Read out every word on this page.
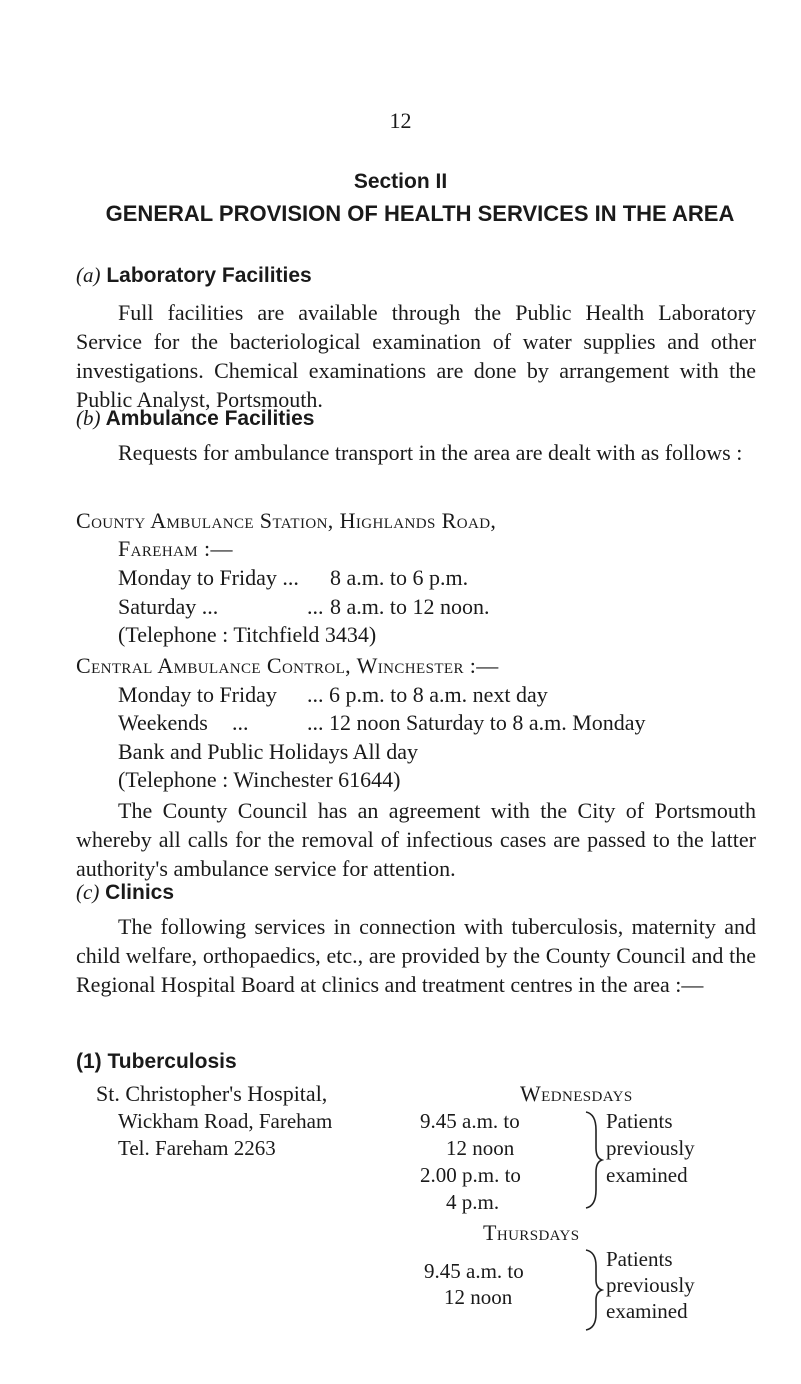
12
Section II
GENERAL PROVISION OF HEALTH SERVICES IN THE AREA
(a) Laboratory Facilities
Full facilities are available through the Public Health Laboratory Service for the bacteriological examination of water supplies and other investigations. Chemical examinations are done by arrangement with the Public Analyst, Portsmouth.
(b) Ambulance Facilities
Requests for ambulance transport in the area are dealt with as follows :
County Ambulance Station, Highlands Road,
Fareham :—
Monday to Friday ... 8 a.m. to 6 p.m.
Saturday ...	... 8 a.m. to 12 noon.
(Telephone : Titchfield 3434)
Central Ambulance Control, Winchester :—
Monday to Friday ... 6 p.m. to 8 a.m. next day
Weekends ...	... 12 noon Saturday to 8 a.m. Monday
Bank and Public Holidays All day
(Telephone : Winchester 61644)
The County Council has an agreement with the City of Portsmouth whereby all calls for the removal of infectious cases are passed to the latter authority's ambulance service for attention.
(c) Clinics
The following services in connection with tuberculosis, maternity and child welfare, orthopaedics, etc., are provided by the County Council and the Regional Hospital Board at clinics and treatment centres in the area :—
(1) Tuberculosis
St. Christopher's Hospital,
Wickham Road, Fareham
Tel. Fareham 2263
Wednesdays
9.45 a.m. to
12 noon
2.00 p.m. to
4 p.m.
Patients
previously
examined
Thursdays
9.45 a.m. to
12 noon
Patients
previously
examined
